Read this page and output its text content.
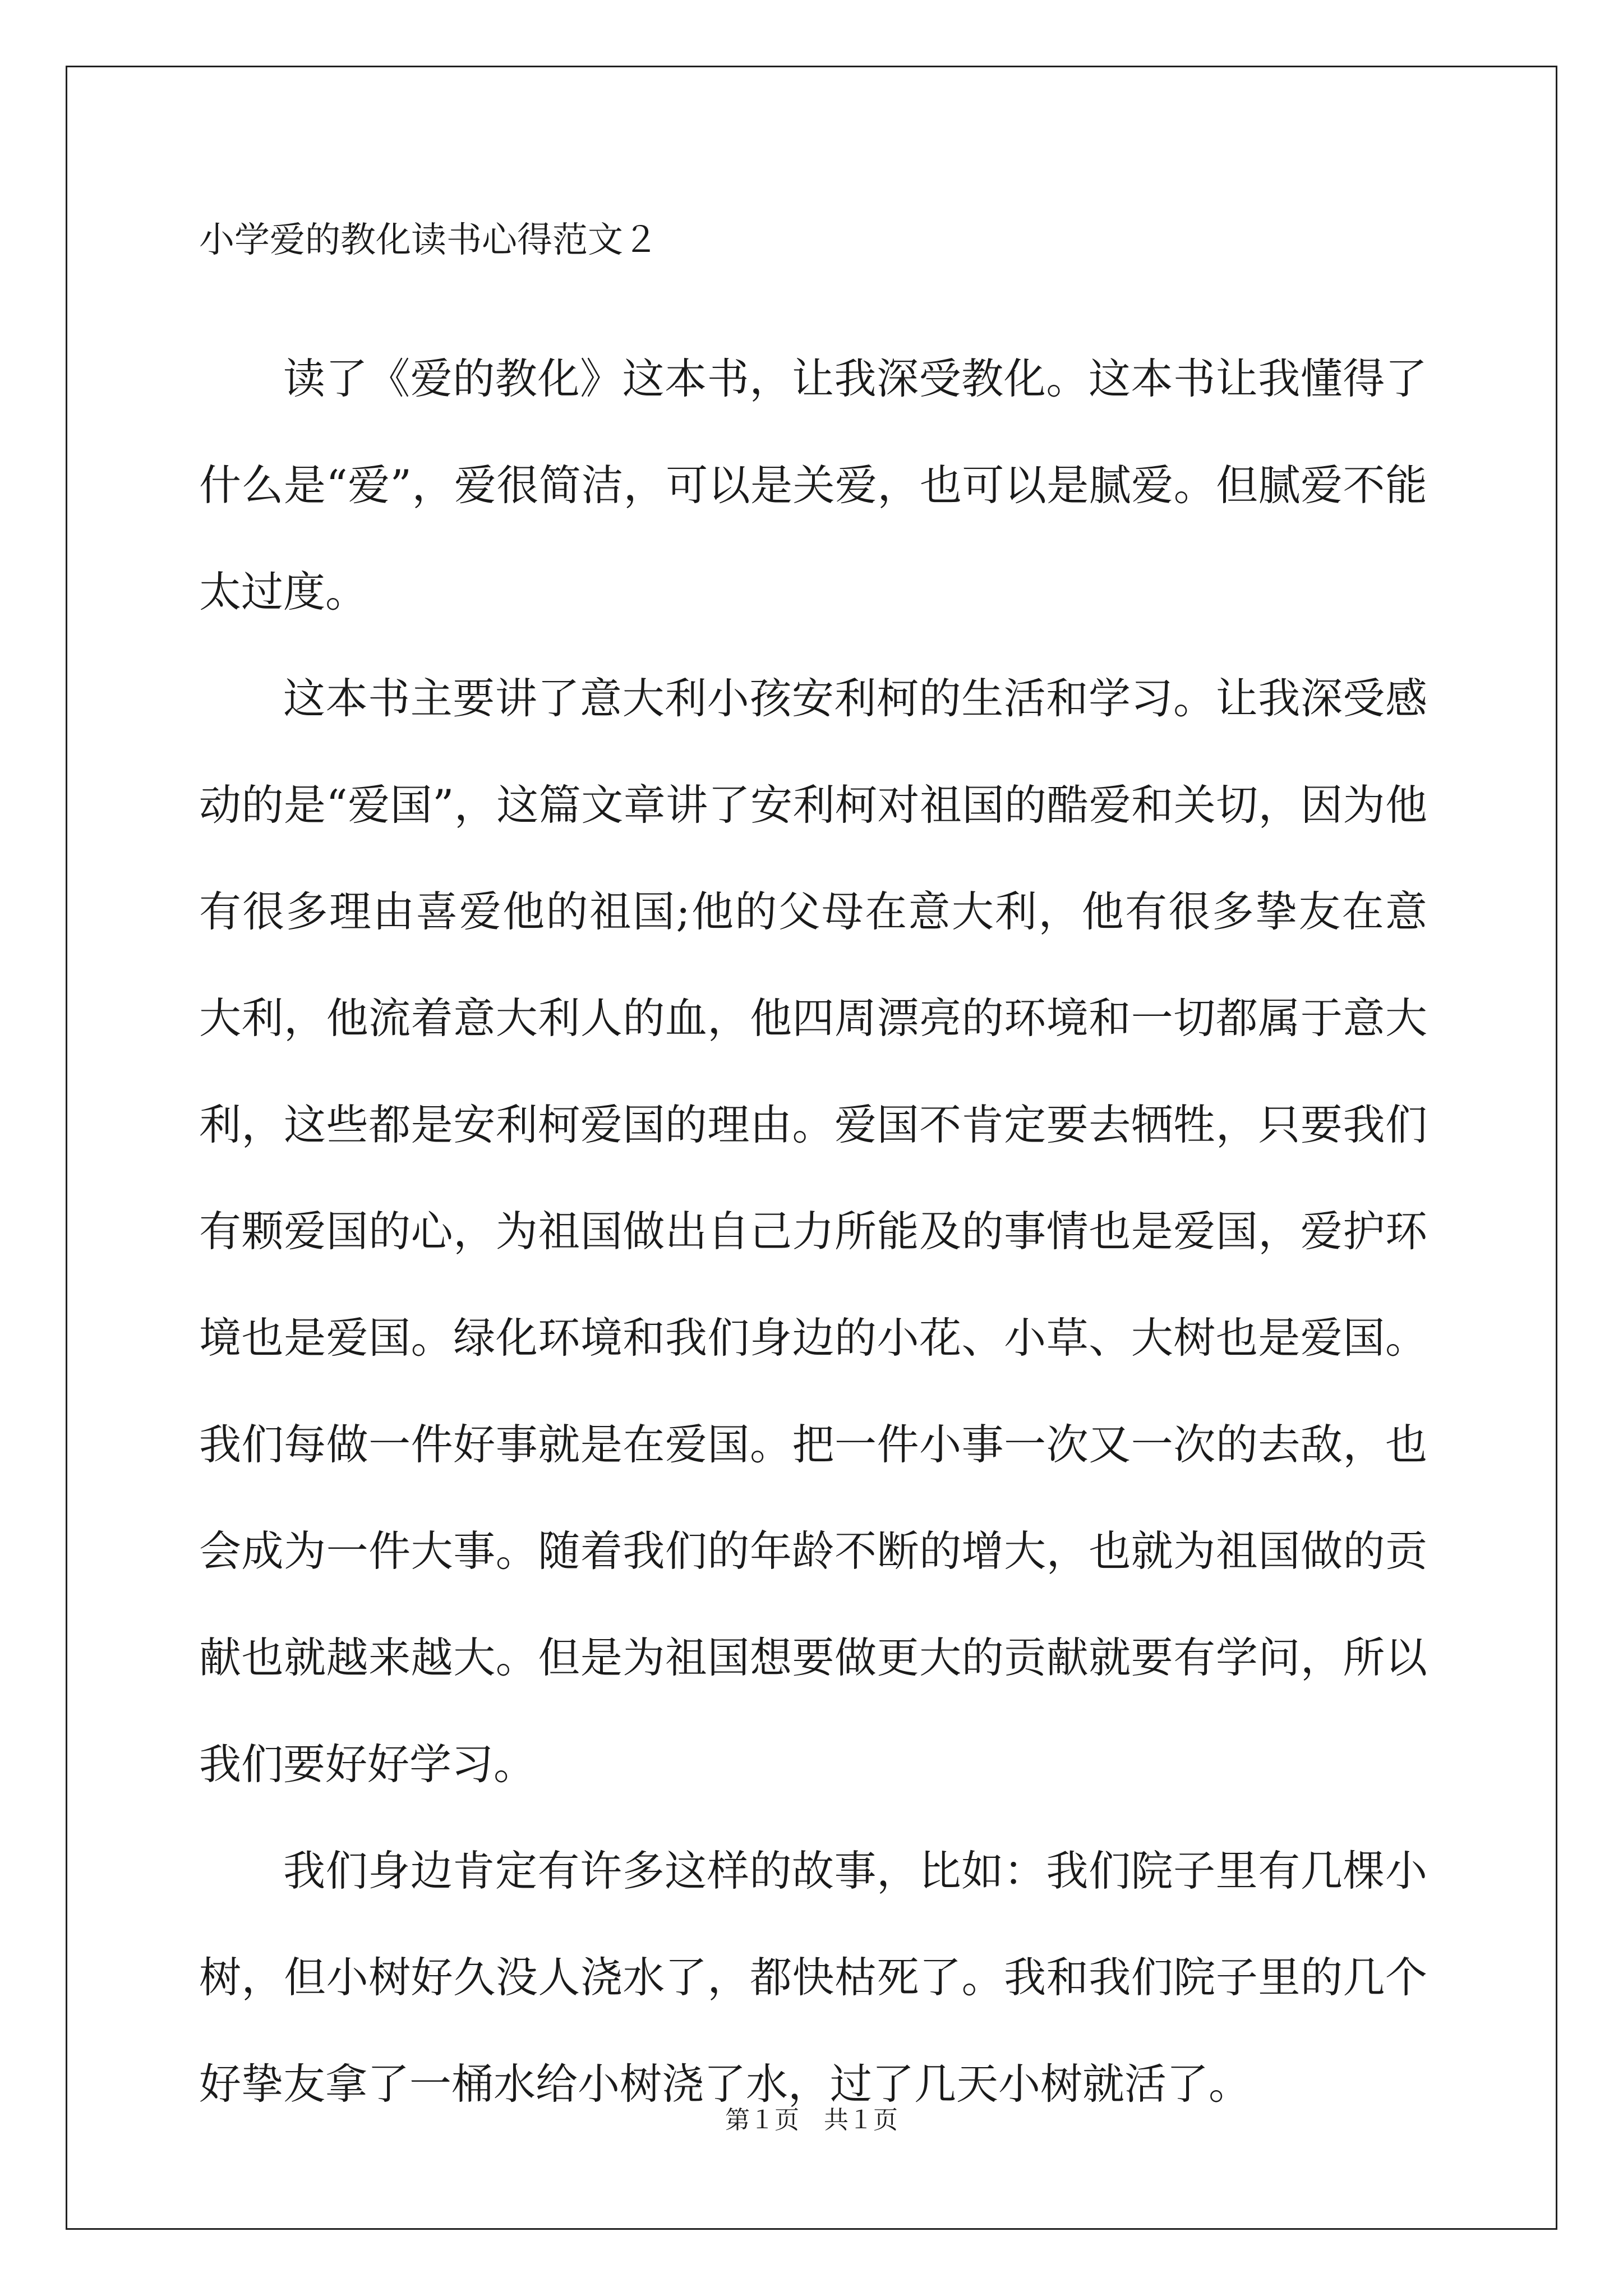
小学爱的教化读书心得范文２

读了《爱的教化》这本书，让我深受教化。这本书让我懂得了什么是“爱”，爱很简洁，可以是关爱，也可以是腻爱。但腻爱不能太过度。

这本书主要讲了意大利小孩安利柯的生活和学习。让我深受感动的是“爱国”，这篇文章讲了安利柯对祖国的酷爱和关切，因为他有很多理由喜爱他的祖国;他的父母在意大利，他有很多挚友在意大利，他流着意大利人的血，他四周漂亮的环境和一切都属于意大利，这些都是安利柯爱国的理由。爱国不肯定要去牺牲，只要我们有颗爱国的心，为祖国做出自己力所能及的事情也是爱国，爱护环境也是爱国。绿化环境和我们身边的小花、小草、大树也是爱国。我们每做一件好事就是在爱国。把一件小事一次又一次的去敌，也会成为一件大事。随着我们的年龄不断的增大，也就为祖国做的贡献也就越来越大。但是为祖国想要做更大的贡献就要有学问，所以我们要好好学习。

我们身边肯定有许多这样的故事，比如：我们院子里有几棵小树，但小树好久没人浇水了，都快枯死了。我和我们院子里的几个好挚友拿了一桶水给小树浇了水，过了几天小树就活了。

第１页　共１页
